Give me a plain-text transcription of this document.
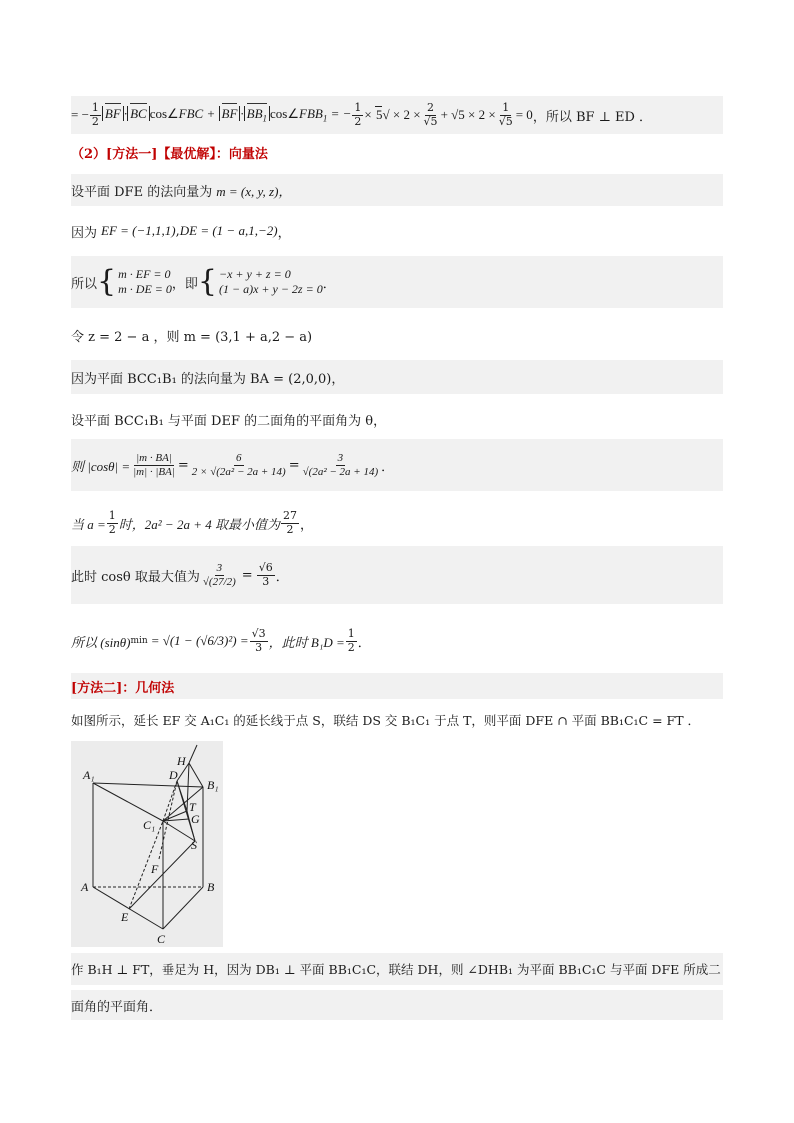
= − $\frac{1}{2}$ BF · BC cos∠FBC + BF · $BB_1$ $\cos\angle FBB_1$ = − $\frac{1}{2} \times 5√ \times 2 \times \frac{2}{√5} + √5 \times 2 \times \frac{1}{√5} = 0$ ，所以 BF ⊥ ED ．
（2）[方法一]【最优解】：向量法
设平面 DFE 的法向量为 m = (x, y, z)，
因为 EF = (−1,1,1) , DE = (1 − a,1,−2) ，
所以 { m · EF = 0
m · DE = 0 ，即 { −x + y + z = 0
(1 − a)x + y − 2z = 0 ．
令 z = 2 − a ，则 m = (3,1 + a,2 − a)
因为平面 BCC₁B₁ 的法向量为 BA = (2,0,0)，
设平面 BCC₁B₁ 与平面 DEF 的二面角的平面角为 θ，
则 $|\cos\theta| = \frac{|m \cdot BA|}{|m| \cdot |BA|} = \frac{6}{\text{2 × √(2a² − 2a + 14)}} = \frac{3}{\text{√(2a² − 2a + 14)}}$ ．
当 $a = \frac{1}{2}$ 时，2a² − 2a + 4 取最小值为 $\frac{27}{2}$ ，
此时 cosθ 取最大值为 $\frac{3}{√(27/2)} = \frac{√6}{3}$ ．
所以 (sinθ) $\min = √(1 - (√6/3)^2) = \frac{√3}{3}$ ，此时 $B_1D = \frac{1}{2}$ ．
[方法二]：几何法
如图所示，延长 EF 交 A₁C₁ 的延长线于点 S，联结 DS 交 B₁C₁ 于点 T，则平面 DFE ∩ 平面 BB₁C₁C = FT ．
A₁
B₁
C₁
A	B
C
D
E
F
G
H
S
T
作 B₁H ⊥ FT，垂足为 H，因为 DB₁ ⊥ 平面 BB₁C₁C，联结 DH，则 ∠DHB₁ 为平面 BB₁C₁C 与平面 DFE 所成二
面角的平面角．
